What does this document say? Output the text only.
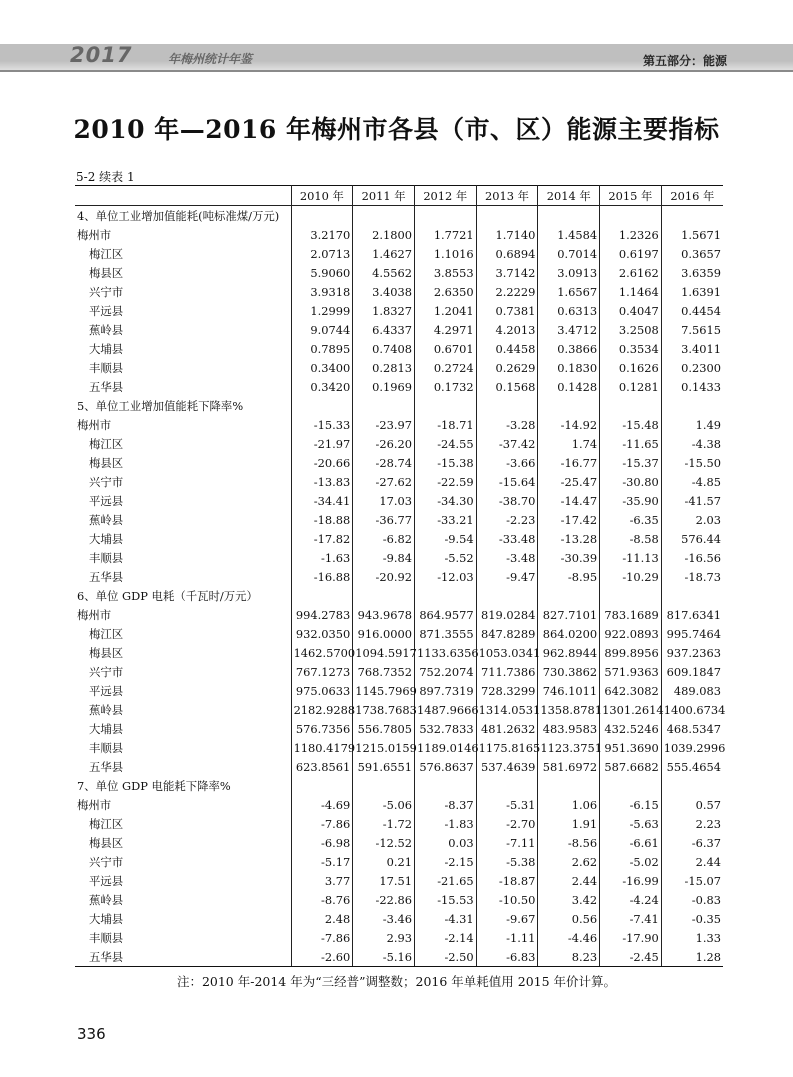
2017	年梅州统计年鉴	第五部分：能源
2010 年—2016 年梅州市各县（市、区）能源主要指标
5-2 续表 1
	2010 年	2011 年	2012 年	2013 年	2014 年	2015 年	2016 年
4、单位工业增加值能耗(吨标准煤/万元)							
梅州市	3.2170	2.1800	1.7721	1.7140	1.4584	1.2326	1.5671
梅江区	2.0713	1.4627	1.1016	0.6894	0.7014	0.6197	0.3657
梅县区	5.9060	4.5562	3.8553	3.7142	3.0913	2.6162	3.6359
兴宁市	3.9318	3.4038	2.6350	2.2229	1.6567	1.1464	1.6391
平远县	1.2999	1.8327	1.2041	0.7381	0.6313	0.4047	0.4454
蕉岭县	9.0744	6.4337	4.2971	4.2013	3.4712	3.2508	7.5615
大埔县	0.7895	0.7408	0.6701	0.4458	0.3866	0.3534	3.4011
丰顺县	0.3400	0.2813	0.2724	0.2629	0.1830	0.1626	0.2300
五华县	0.3420	0.1969	0.1732	0.1568	0.1428	0.1281	0.1433
5、单位工业增加值能耗下降率%							
梅州市	-15.33	-23.97	-18.71	-3.28	-14.92	-15.48	1.49
梅江区	-21.97	-26.20	-24.55	-37.42	1.74	-11.65	-4.38
梅县区	-20.66	-28.74	-15.38	-3.66	-16.77	-15.37	-15.50
兴宁市	-13.83	-27.62	-22.59	-15.64	-25.47	-30.80	-4.85
平远县	-34.41	17.03	-34.30	-38.70	-14.47	-35.90	-41.57
蕉岭县	-18.88	-36.77	-33.21	-2.23	-17.42	-6.35	2.03
大埔县	-17.82	-6.82	-9.54	-33.48	-13.28	-8.58	576.44
丰顺县	-1.63	-9.84	-5.52	-3.48	-30.39	-11.13	-16.56
五华县	-16.88	-20.92	-12.03	-9.47	-8.95	-10.29	-18.73
6、单位 GDP 电耗（千瓦时/万元）							
梅州市	994.2783	943.9678	864.9577	819.0284	827.7101	783.1689	817.6341
梅江区	932.0350	916.0000	871.3555	847.8289	864.0200	922.0893	995.7464
梅县区	1462.5700	1094.5917	1133.6356	1053.0341	962.8944	899.8956	937.2363
兴宁市	767.1273	768.7352	752.2074	711.7386	730.3862	571.9363	609.1847
平远县	975.0633	1145.7969	897.7319	728.3299	746.1011	642.3082	489.083
蕉岭县	2182.9288	1738.7683	1487.9666	1314.0531	1358.8781	1301.2614	1400.6734
大埔县	576.7356	556.7805	532.7833	481.2632	483.9583	432.5246	468.5347
丰顺县	1180.4179	1215.0159	1189.0146	1175.8165	1123.3751	951.3690	1039.2996
五华县	623.8561	591.6551	576.8637	537.4639	581.6972	587.6682	555.4654
7、单位 GDP 电能耗下降率%							
梅州市	-4.69	-5.06	-8.37	-5.31	1.06	-6.15	0.57
梅江区	-7.86	-1.72	-1.83	-2.70	1.91	-5.63	2.23
梅县区	-6.98	-12.52	0.03	-7.11	-8.56	-6.61	-6.37
兴宁市	-5.17	0.21	-2.15	-5.38	2.62	-5.02	2.44
平远县	3.77	17.51	-21.65	-18.87	2.44	-16.99	-15.07
蕉岭县	-8.76	-22.86	-15.53	-10.50	3.42	-4.24	-0.83
大埔县	2.48	-3.46	-4.31	-9.67	0.56	-7.41	-0.35
丰顺县	-7.86	2.93	-2.14	-1.11	-4.46	-17.90	1.33
五华县	-2.60	-5.16	-2.50	-6.83	8.23	-2.45	1.28
注：2010 年-2014 年为“三经普”调整数；2016 年单耗值用 2015 年价计算。
336
